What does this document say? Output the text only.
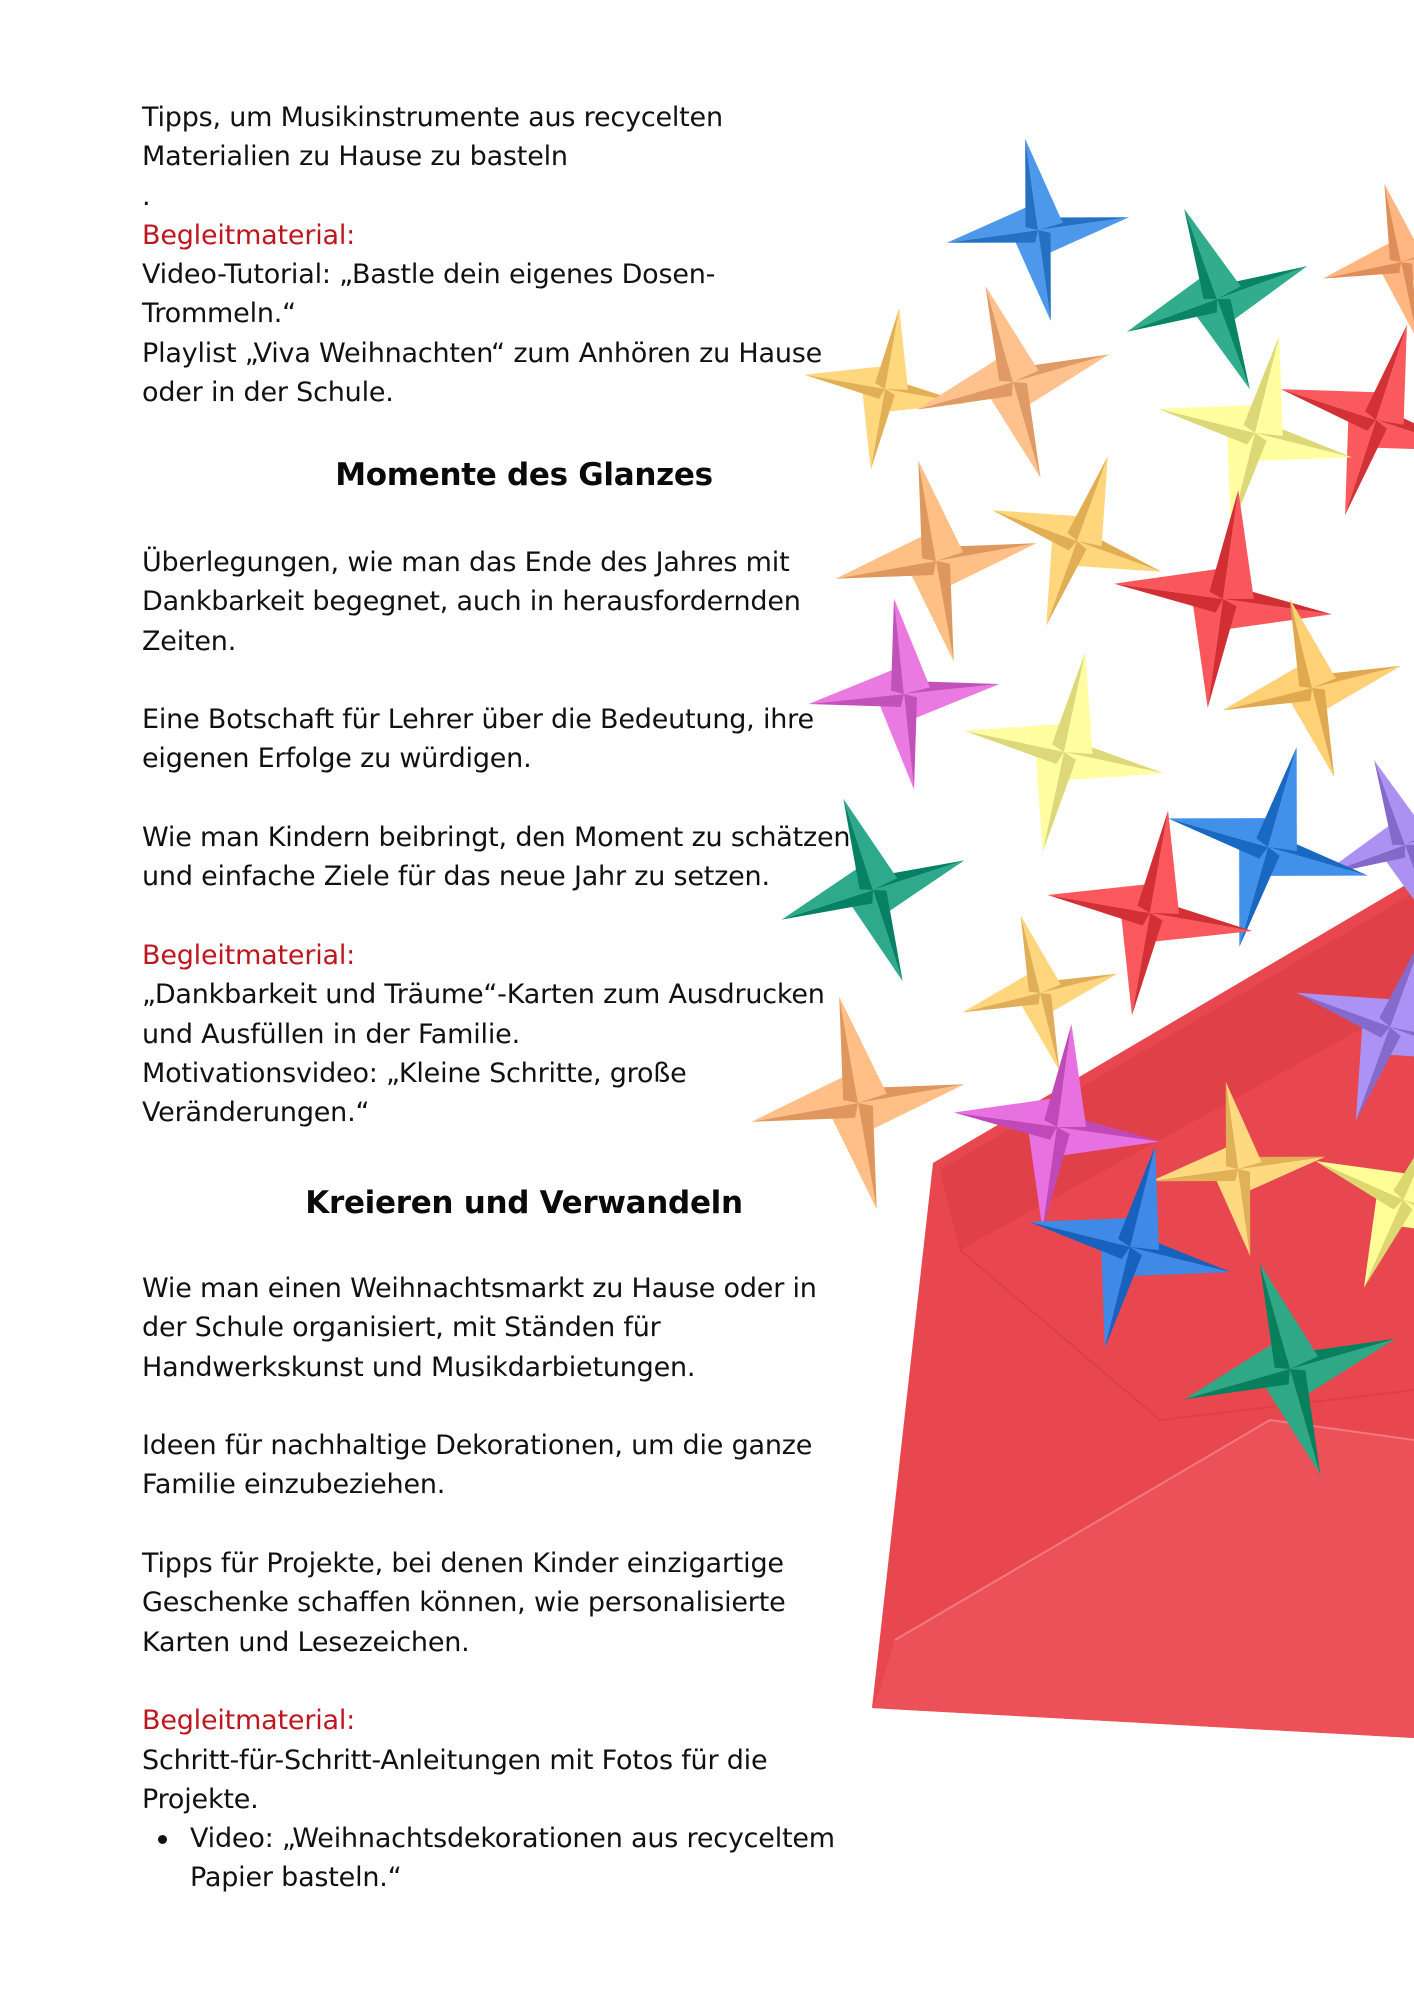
Tipps, um Musikinstrumente aus recycelten
Materialien zu Hause zu basteln
.
Begleitmaterial:
Video-Tutorial: „Bastle dein eigenes Dosen-
Trommeln.“
Playlist „Viva Weihnachten“ zum Anhören zu Hause
oder in der Schule.
Momente des Glanzes
Überlegungen, wie man das Ende des Jahres mit
Dankbarkeit begegnet, auch in herausfordernden
Zeiten.
Eine Botschaft für Lehrer über die Bedeutung, ihre
eigenen Erfolge zu würdigen.
Wie man Kindern beibringt, den Moment zu schätzen
und einfache Ziele für das neue Jahr zu setzen.
Begleitmaterial:
„Dankbarkeit und Träume“-Karten zum Ausdrucken
und Ausfüllen in der Familie.
Motivationsvideo: „Kleine Schritte, große
Veränderungen.“
Kreieren und Verwandeln
Wie man einen Weihnachtsmarkt zu Hause oder in
der Schule organisiert, mit Ständen für
Handwerkskunst und Musikdarbietungen.
Ideen für nachhaltige Dekorationen, um die ganze
Familie einzubeziehen.
Tipps für Projekte, bei denen Kinder einzigartige
Geschenke schaffen können, wie personalisierte
Karten und Lesezeichen.
Begleitmaterial:
Schritt-für-Schritt-Anleitungen mit Fotos für die
Projekte.
Video: „Weihnachtsdekorationen aus recyceltem
Papier basteln.“
